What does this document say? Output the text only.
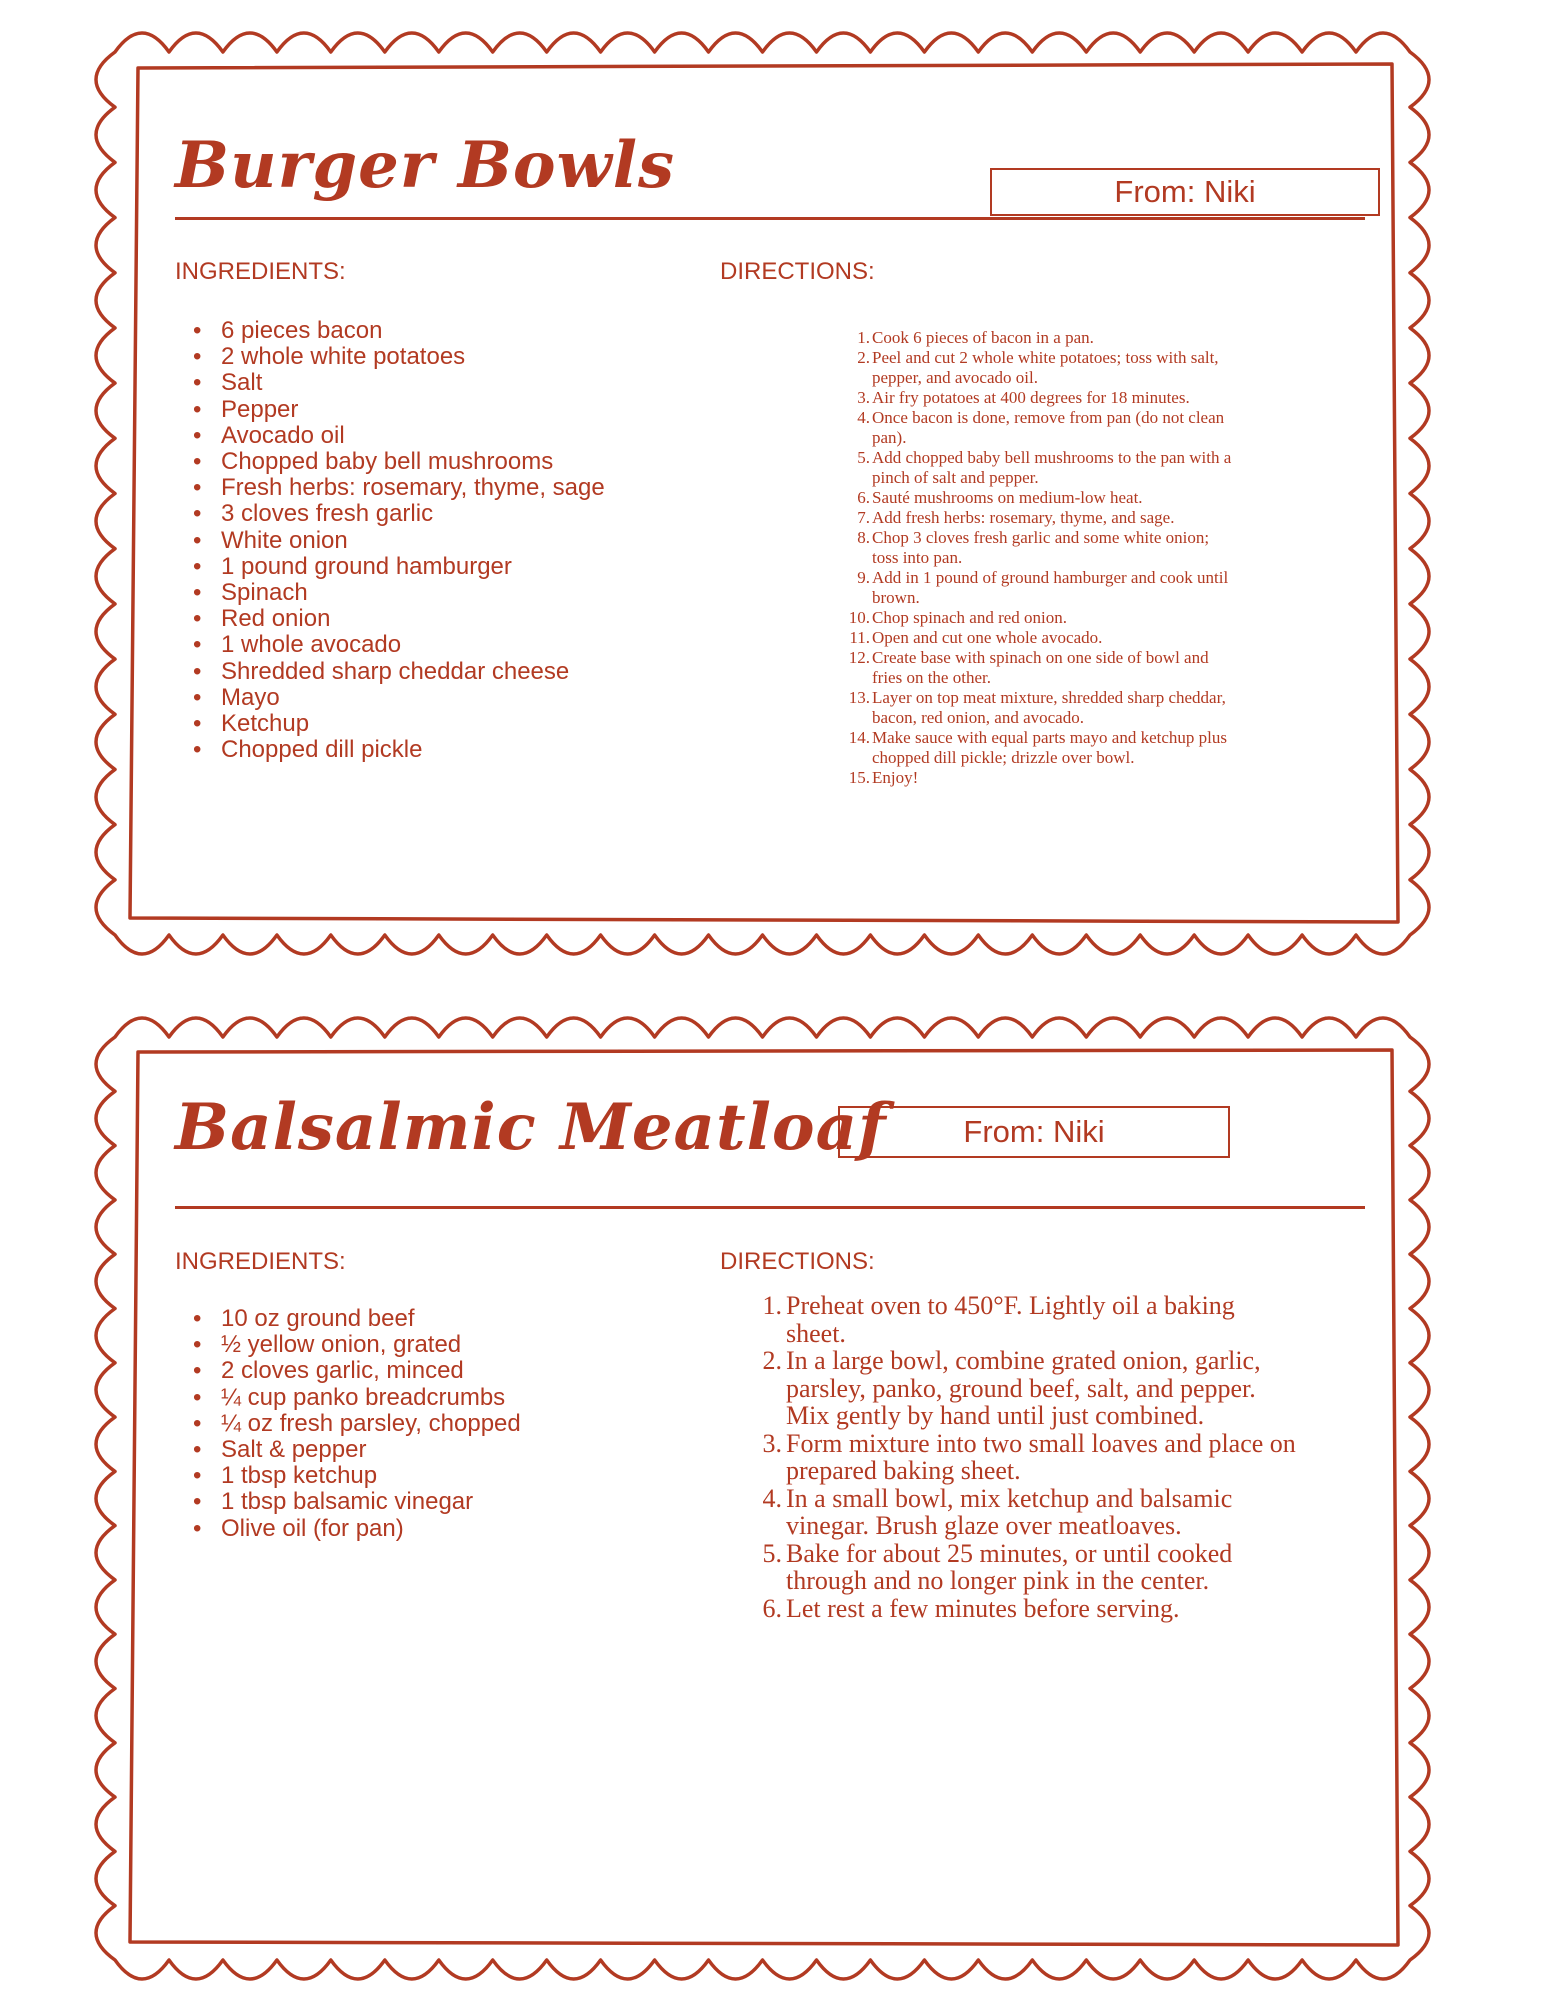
Burger Bowls	From: Niki
INGREDIENTS:	DIRECTIONS:
• 6 pieces bacon
• 2 whole white potatoes
• Salt
• Pepper
• Avocado oil
• Chopped baby bell mushrooms
• Fresh herbs: rosemary, thyme, sage
• 3 cloves fresh garlic
• White onion
• 1 pound ground hamburger
• Spinach
• Red onion
• 1 whole avocado
• Shredded sharp cheddar cheese
• Mayo
• Ketchup
• Chopped dill pickle
1. Cook 6 pieces of bacon in a pan.
2. Peel and cut 2 whole white potatoes; toss with salt, pepper, and avocado oil.
3. Air fry potatoes at 400 degrees for 18 minutes.
4. Once bacon is done, remove from pan (do not clean pan).
5. Add chopped baby bell mushrooms to the pan with a pinch of salt and pepper.
6. Sauté mushrooms on medium-low heat.
7. Add fresh herbs: rosemary, thyme, and sage.
8. Chop 3 cloves fresh garlic and some white onion; toss into pan.
9. Add in 1 pound of ground hamburger and cook until brown.
10. Chop spinach and red onion.
11. Open and cut one whole avocado.
12. Create base with spinach on one side of bowl and fries on the other.
13. Layer on top meat mixture, shredded sharp cheddar, bacon, red onion, and avocado.
14. Make sauce with equal parts mayo and ketchup plus chopped dill pickle; drizzle over bowl.
15. Enjoy!
Balsalmic Meatloaf	From: Niki
INGREDIENTS:	DIRECTIONS:
• 10 oz ground beef
• ½ yellow onion, grated
• 2 cloves garlic, minced
• ¼ cup panko breadcrumbs
• ¼ oz fresh parsley, chopped
• Salt & pepper
• 1 tbsp ketchup
• 1 tbsp balsamic vinegar
• Olive oil (for pan)
1. Preheat oven to 450°F. Lightly oil a baking sheet.
2. In a large bowl, combine grated onion, garlic, parsley, panko, ground beef, salt, and pepper. Mix gently by hand until just combined.
3. Form mixture into two small loaves and place on prepared baking sheet.
4. In a small bowl, mix ketchup and balsamic vinegar. Brush glaze over meatloaves.
5. Bake for about 25 minutes, or until cooked through and no longer pink in the center.
6. Let rest a few minutes before serving.
